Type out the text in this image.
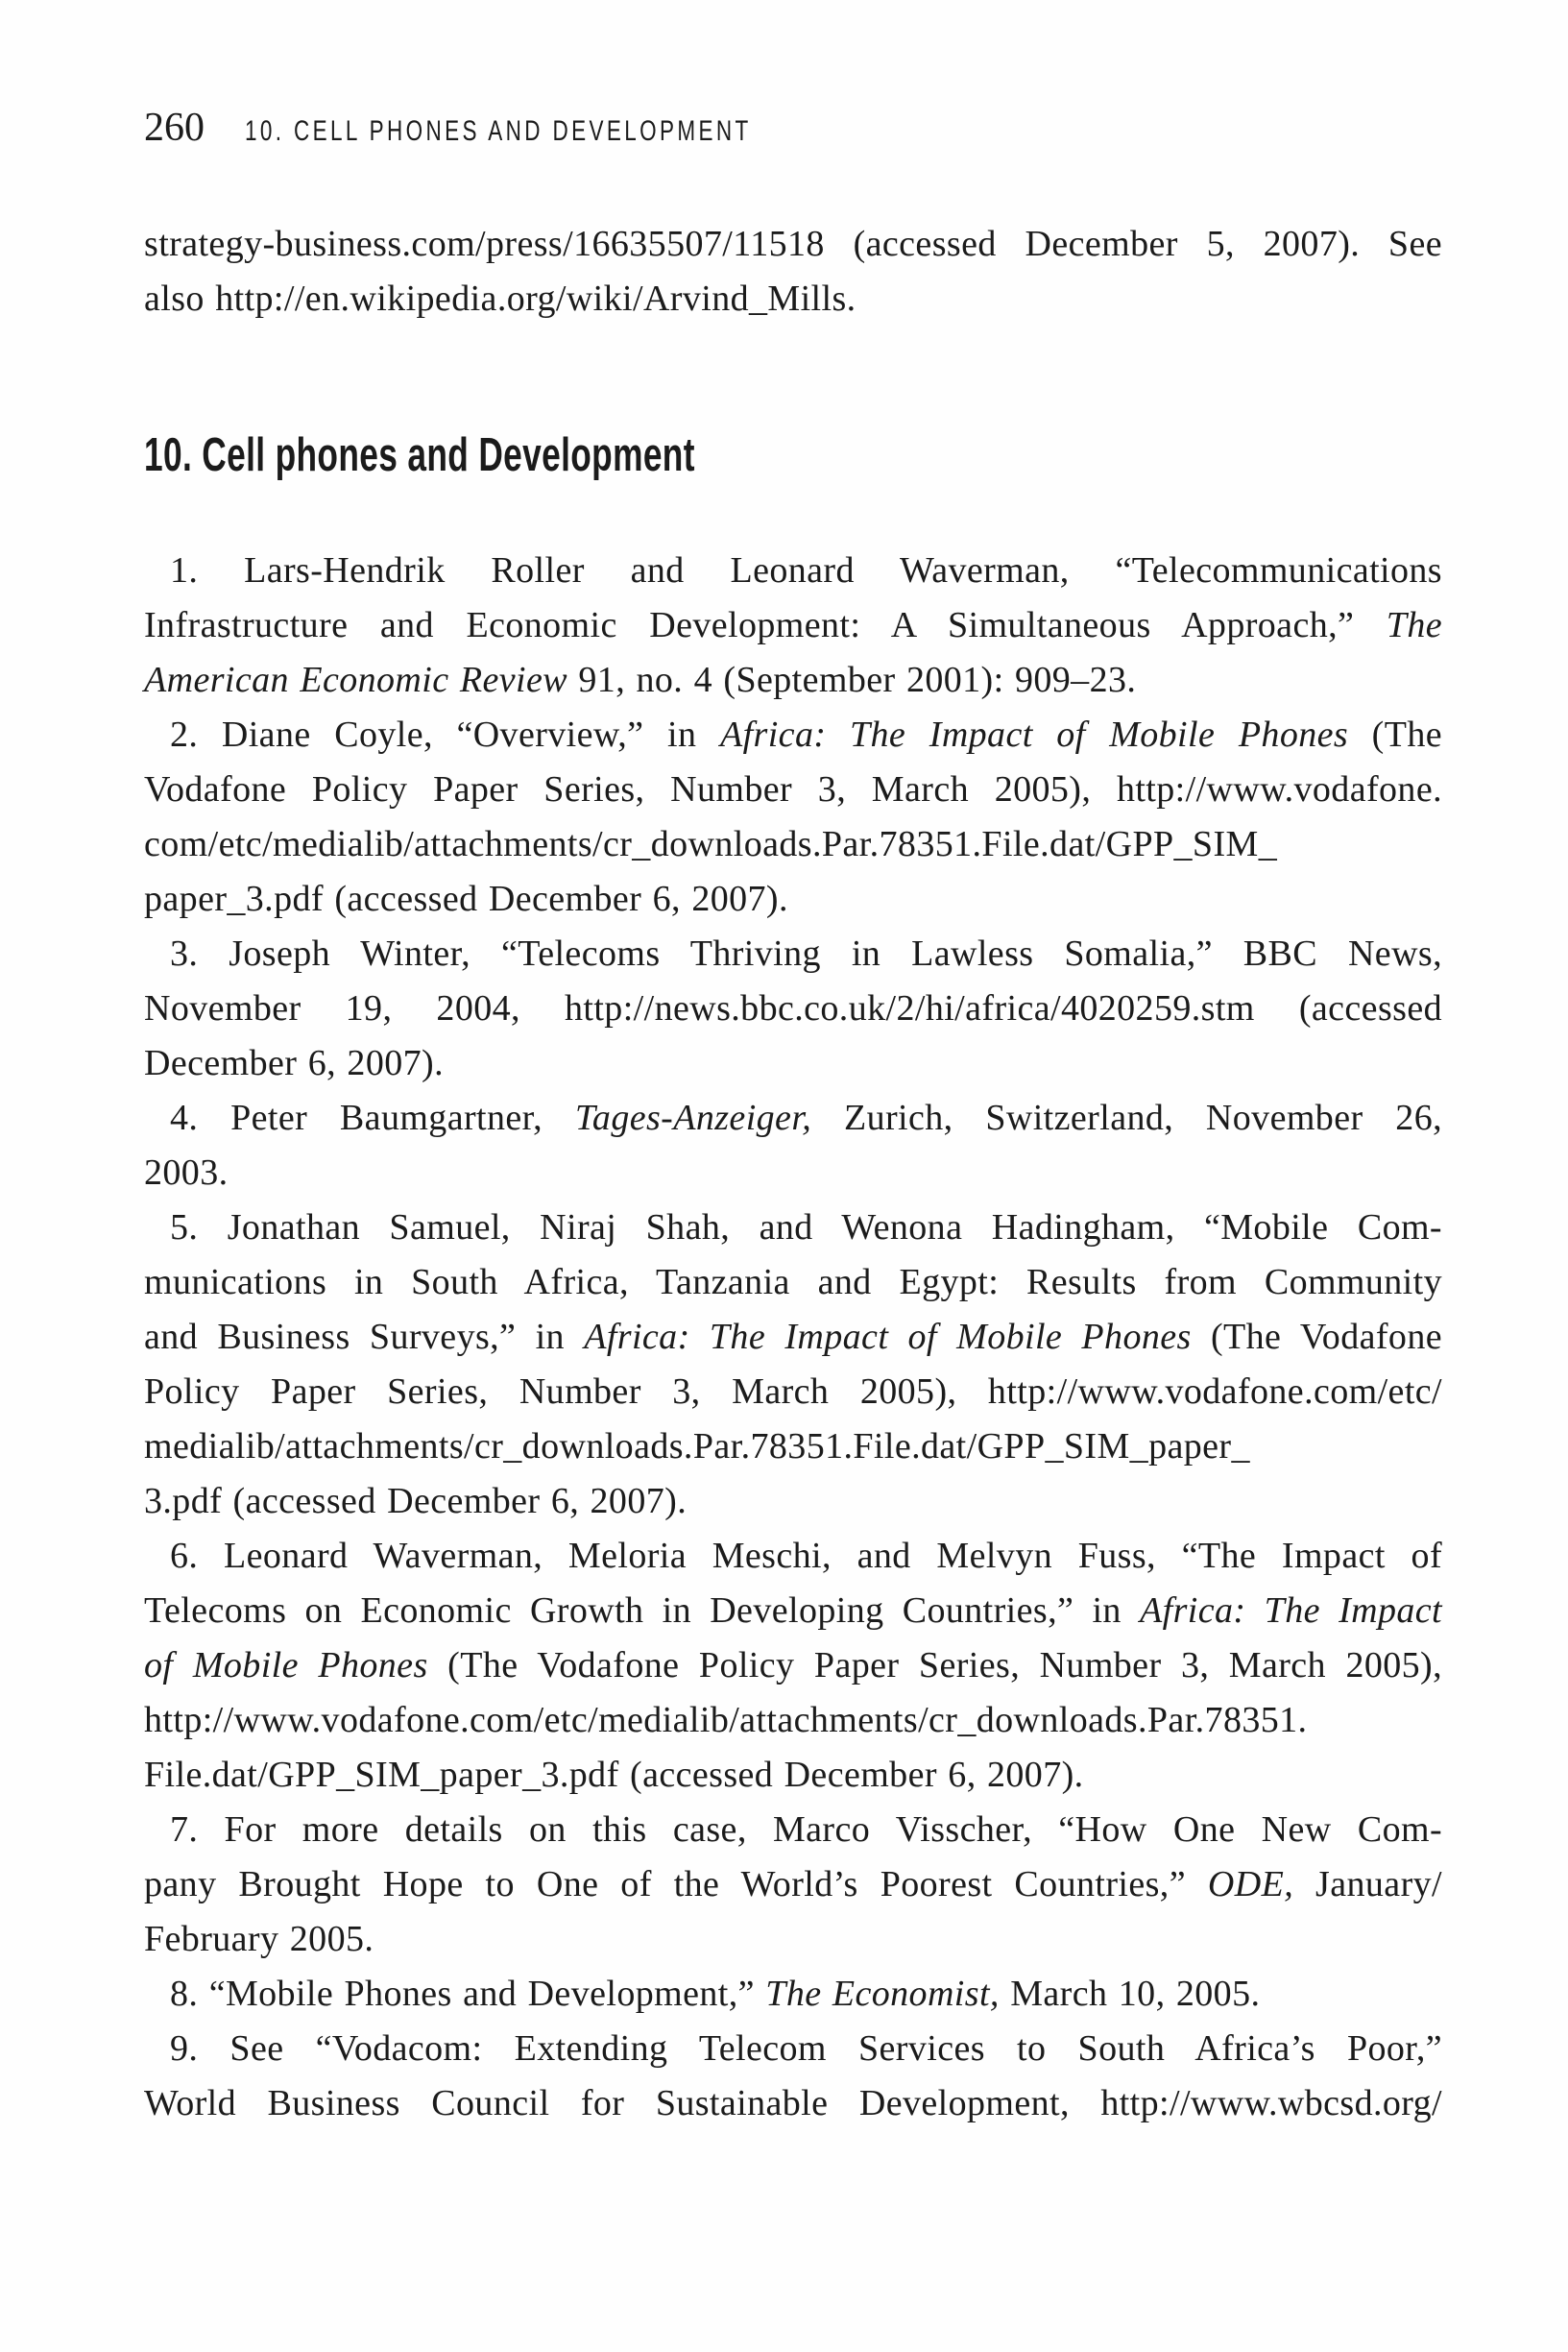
260 10. CELL PHONES AND DEVELOPMENT
strategy-business.com/press/16635507/11518 (accessed December 5, 2007). See
also http://en.wikipedia.org/wiki/Arvind_Mills.
10. Cell phones and Development
1. Lars-Hendrik Roller and Leonard Waverman, “Telecommunications
Infrastructure and Economic Development: A Simultaneous Approach,” The
American Economic Review 91, no. 4 (September 2001): 909–23.
2. Diane Coyle, “Overview,” in Africa: The Impact of Mobile Phones (The
Vodafone Policy Paper Series, Number 3, March 2005), http://www.vodafone.
com/etc/medialib/attachments/cr_downloads.Par.78351.File.dat/GPP_SIM_
paper_3.pdf (accessed December 6, 2007).
3. Joseph Winter, “Telecoms Thriving in Lawless Somalia,” BBC News,
November 19, 2004, http://news.bbc.co.uk/2/hi/africa/4020259.stm (accessed
December 6, 2007).
4. Peter Baumgartner, Tages-Anzeiger, Zurich, Switzerland, November 26,
2003.
5. Jonathan Samuel, Niraj Shah, and Wenona Hadingham, “Mobile Com-
munications in South Africa, Tanzania and Egypt: Results from Community
and Business Surveys,” in Africa: The Impact of Mobile Phones (The Vodafone
Policy Paper Series, Number 3, March 2005), http://www.vodafone.com/etc/
medialib/attachments/cr_downloads.Par.78351.File.dat/GPP_SIM_paper_
3.pdf (accessed December 6, 2007).
6. Leonard Waverman, Meloria Meschi, and Melvyn Fuss, “The Impact of
Telecoms on Economic Growth in Developing Countries,” in Africa: The Impact
of Mobile Phones (The Vodafone Policy Paper Series, Number 3, March 2005),
http://www.vodafone.com/etc/medialib/attachments/cr_downloads.Par.78351.
File.dat/GPP_SIM_paper_3.pdf (accessed December 6, 2007).
7. For more details on this case, Marco Visscher, “How One New Com-
pany Brought Hope to One of the World’s Poorest Countries,” ODE, January/
February 2005.
8. “Mobile Phones and Development,” The Economist, March 10, 2005.
9. See “Vodacom: Extending Telecom Services to South Africa’s Poor,”
World Business Council for Sustainable Development, http://www.wbcsd.org/
